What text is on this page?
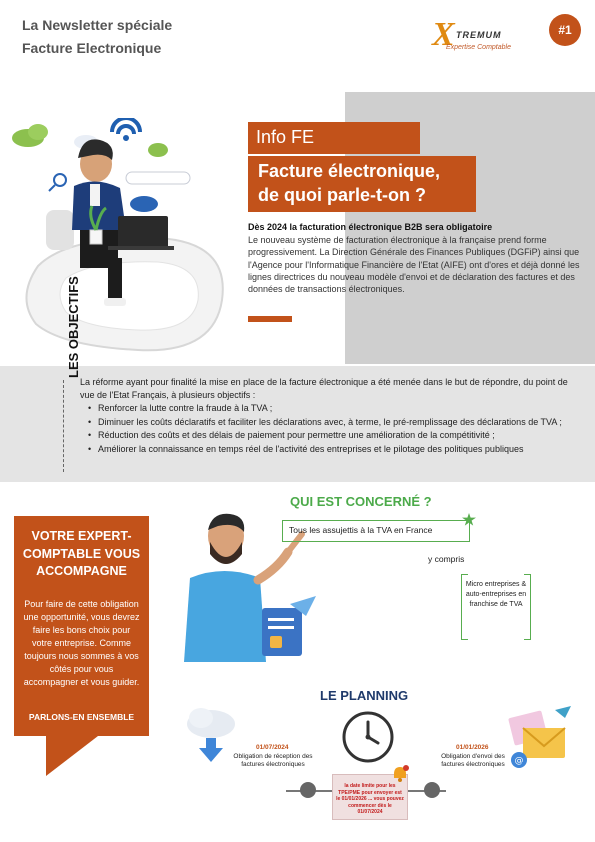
La Newsletter spéciale Facture Electronique	X TREMUM
Expertise Comptable
#1
Info FE
Facture électronique, de quoi parle-t-on ?
Dès 2024 la facturation électronique B2B sera obligatoire
Le nouveau système de facturation électronique à la française prend forme progressivement. La Direction Générale des Finances Publiques (DGFiP) ainsi que l'Agence pour l'Informatique Financière de l'Etat (AIFE) ont d'ores et déjà donné les lignes directrices du nouveau modèle d'envoi et de déclaration des factures et des données de transactions électroniques.
LES OBJECTIFS
La réforme ayant pour finalité la mise en place de la facture électronique a été menée dans le but de répondre, du point de vue de l'Etat Français, à plusieurs objectifs :
• Renforcer la lutte contre la fraude à la TVA ;
• Diminuer les coûts déclaratifs et faciliter les déclarations avec, à terme, le pré-remplissage des déclarations de TVA ;
• Réduction des coûts et des délais de paiement pour permettre une amélioration de la compétitivité ;
• Améliorer la connaissance en temps réel de l'activité des entreprises et le pilotage des politiques publiques
VOTRE EXPERT-COMPTABLE VOUS ACCOMPAGNE
Pour faire de cette obligation une opportunité, vous devrez faire les bons choix pour votre entreprise. Comme toujours nous sommes à vos côtés pour vous accompagner et vous guider.
PARLONS-EN ENSEMBLE
QUI EST CONCERNÉ ?
Tous les assujettis à la TVA en France
y compris
Micro entreprises & auto-entreprises en franchise de TVA
LE PLANNING
01/07/2024
Obligation de réception des factures électroniques
01/01/2026
Obligation d'envoi des factures électroniques	@
la date limite pour les TPE/PME pour envoyer est le 01/01/2026 ... vous pouvez commencer dès le 01/07/2024
